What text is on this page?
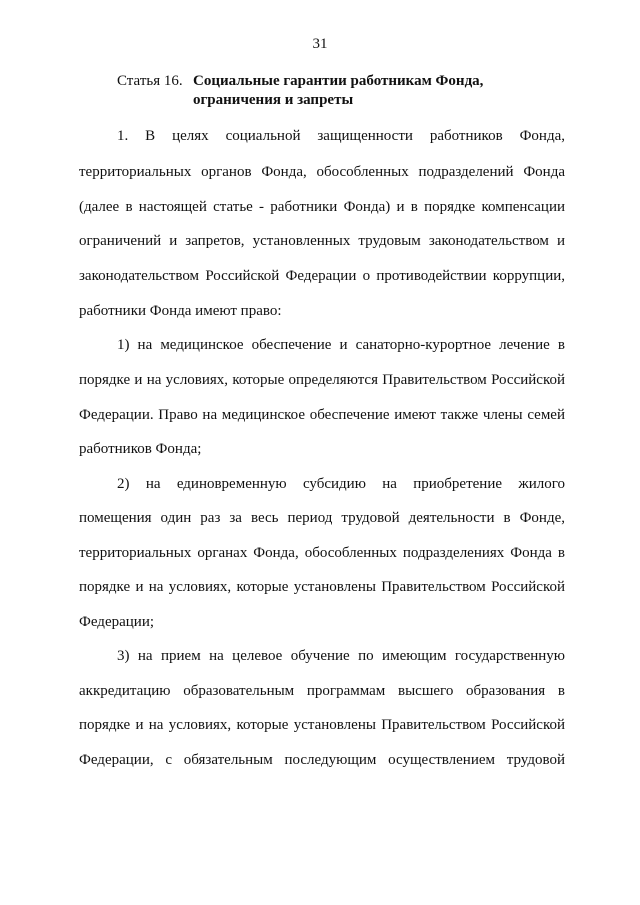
31
Статья 16. Социальные гарантии работникам Фонда,
ограничения и запреты
1. В целях социальной защищенности работников Фонда,
территориальных органов Фонда, обособленных подразделений Фонда
(далее в настоящей статье - работники Фонда) и в порядке компенсации
ограничений и запретов, установленных трудовым законодательством и
законодательством Российской Федерации о противодействии коррупции,
работники Фонда имеют право:
1) на медицинское обеспечение и санаторно-курортное лечение в
порядке и на условиях, которые определяются Правительством Российской
Федерации. Право на медицинское обеспечение имеют также члены семей
работников Фонда;
2) на единовременную субсидию на приобретение жилого
помещения один раз за весь период трудовой деятельности в Фонде,
территориальных органах Фонда, обособленных подразделениях Фонда в
порядке и на условиях, которые установлены Правительством Российской
Федерации;
3) на прием на целевое обучение по имеющим государственную
аккредитацию образовательным программам высшего образования в
порядке и на условиях, которые установлены Правительством Российской
Федерации, с обязательным последующим осуществлением трудовой
